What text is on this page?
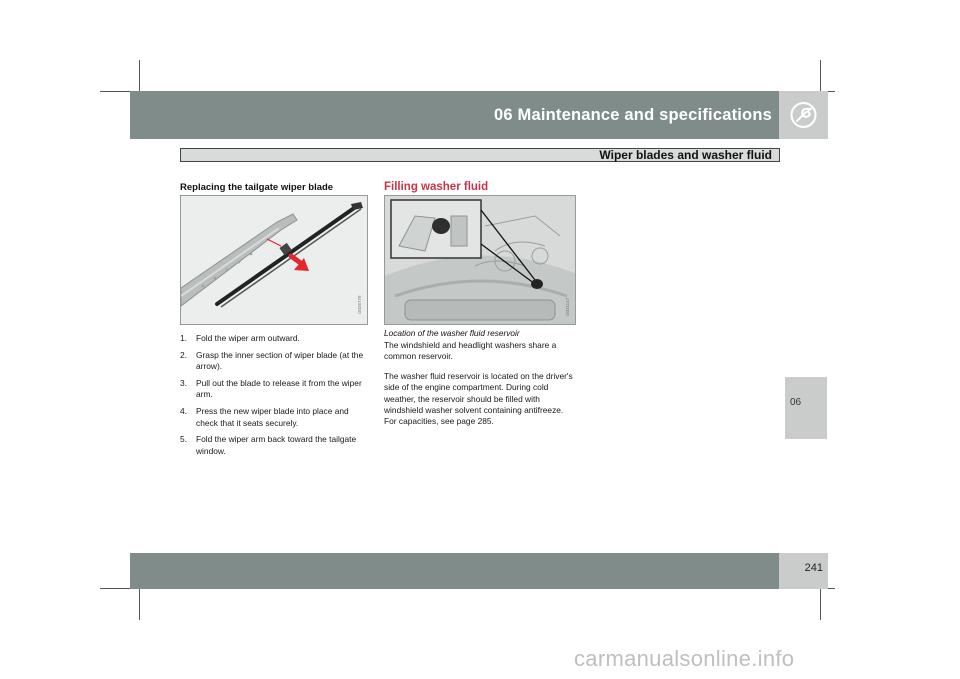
06 Maintenance and specifications
Wiper blades and washer fluid
06
241
Replacing the tailgate wiper blade
G026778
1. Fold the wiper arm outward.
2. Grasp the inner section of wiper blade (at the arrow).
3. Pull out the blade to release it from the wiper arm.
4. Press the new wiper blade into place and check that it seats securely.
5. Fold the wiper arm back toward the tailgate window.
Filling washer fluid
G031147
Location of the washer fluid reservoir

The windshield and headlight washers share a common reservoir.

The washer fluid reservoir is located on the driver's side of the engine compartment. During cold weather, the reservoir should be filled with windshield washer solvent containing antifreeze. For capacities, see page 285.

carmanualsonline.info
